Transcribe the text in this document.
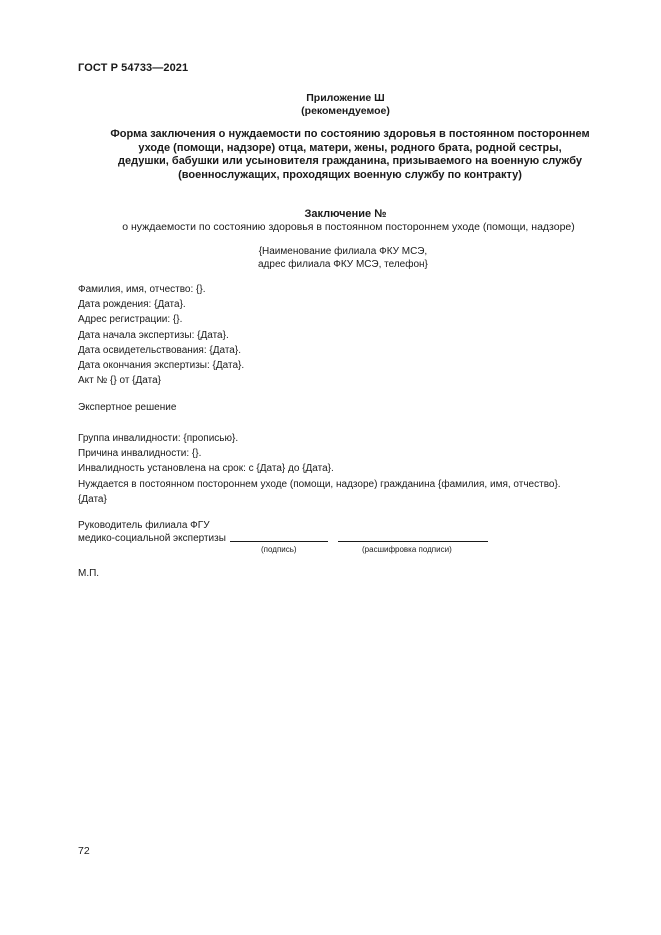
ГОСТ Р 54733—2021
Приложение Ш
(рекомендуемое)
Форма заключения о нуждаемости по состоянию здоровья в постоянном постороннем
уходе (помощи, надзоре) отца, матери, жены, родного брата, родной сестры,
дедушки, бабушки или усыновителя гражданина, призываемого на военную службу
(военнослужащих, проходящих военную службу по контракту)
Заключение №
о нуждаемости по состоянию здоровья в постоянном постороннем уходе (помощи, надзоре)
{Наименование филиала ФКУ МСЭ,
адрес филиала ФКУ МСЭ, телефон}
Фамилия, имя, отчество: {}.
Дата рождения: {Дата}.
Адрес регистрации: {}.
Дата начала экспертизы: {Дата}.
Дата освидетельствования: {Дата}.
Дата окончания экспертизы: {Дата}.
Акт № {} от {Дата}
Экспертное решение
Группа инвалидности: {прописью}.
Причина инвалидности: {}.
Инвалидность установлена на срок: с {Дата} до {Дата}.
Нуждается в постоянном постороннем уходе (помощи, надзоре) гражданина {фамилия, имя, отчество}.
{Дата}
Руководитель филиала ФГУ
медико-социальной экспертизы
(подпись)	(расшифровка подписи)
М.П.
72
